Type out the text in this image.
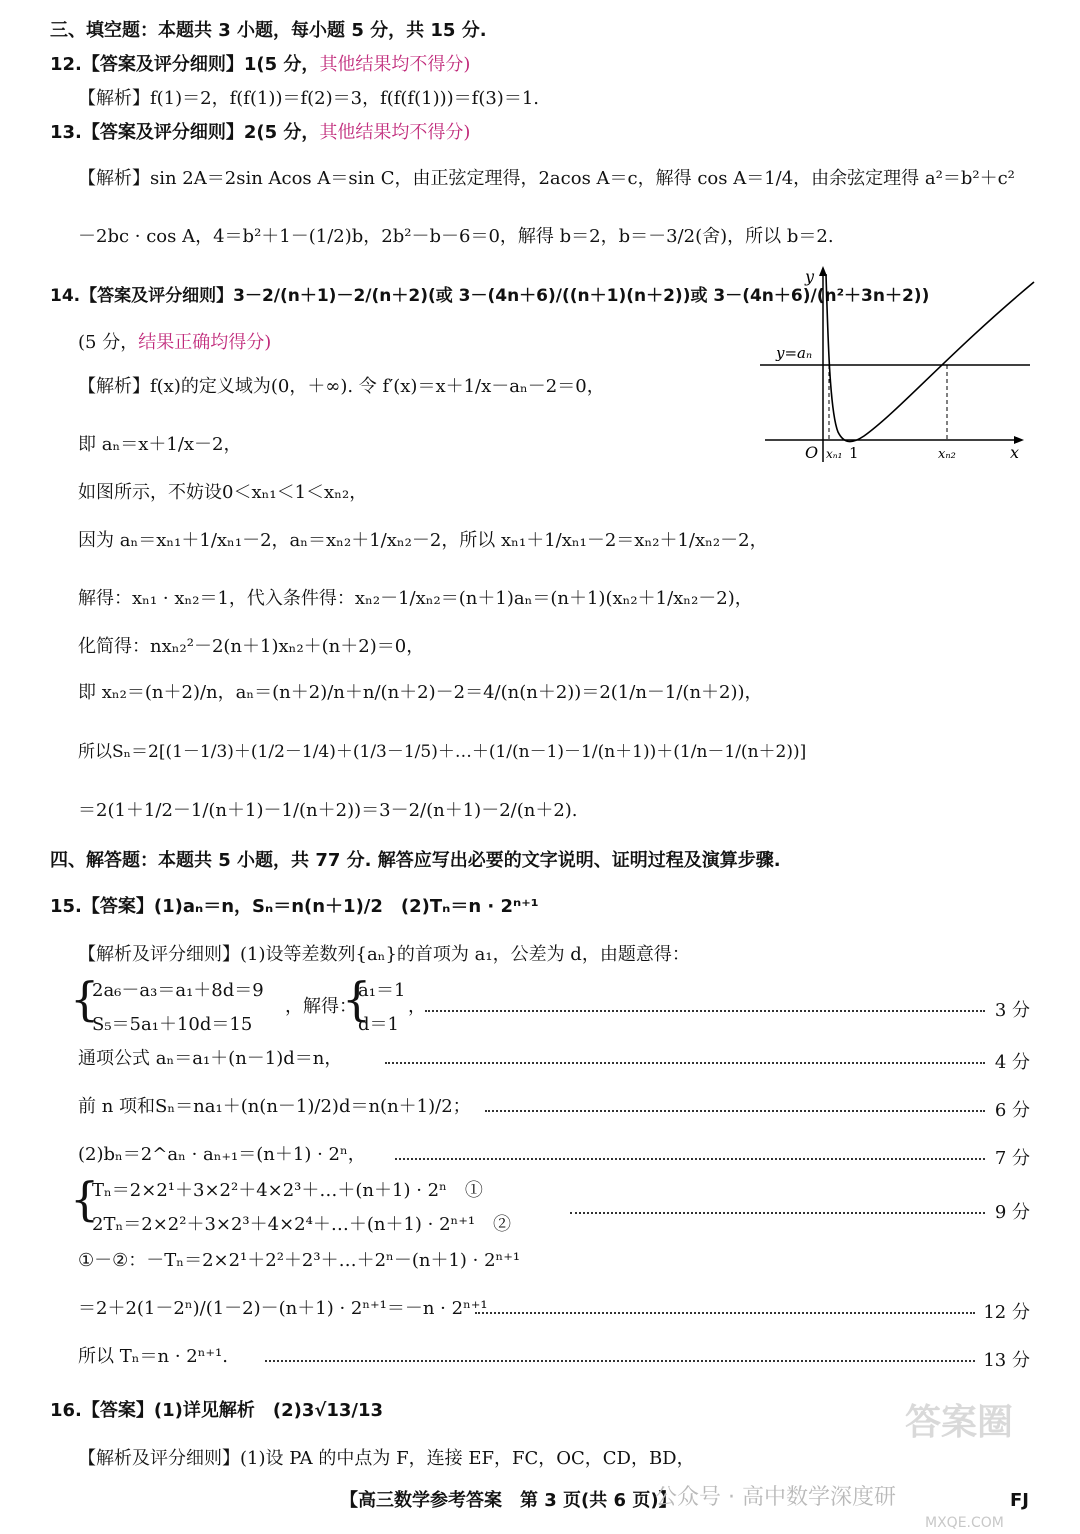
三、填空题：本题共 3 小题，每小题 5 分，共 15 分.
12.【答案及评分细则】1(5 分，其他结果均不得分)
【解析】f(1)＝2，f(f(1))＝f(2)＝3，f(f(f(1)))＝f(3)＝1.
13.【答案及评分细则】2(5 分，其他结果均不得分)
【解析】sin 2A＝2sin Acos A＝sin C，由正弦定理得，2acos A＝c，解得 cos A＝1/4，由余弦定理得 a²＝b²＋c²
－2bc · cos A，4＝b²＋1－(1/2)b，2b²－b－6＝0，解得 b＝2，b＝－3/2(舍)，所以 b＝2.
14.【答案及评分细则】3－2/(n＋1)－2/(n＋2)(或 3－(4n＋6)/((n＋1)(n＋2))或 3－(4n＋6)/(n²＋3n＋2))
(5 分，结果正确均得分)
【解析】f(x)的定义域为(0，＋∞). 令 f′(x)＝x＋1/x－aₙ－2＝0，
即 aₙ＝x＋1/x－2，
如图所示，不妨设0＜xₙ₁＜1＜xₙ₂，
因为 aₙ＝xₙ₁＋1/xₙ₁－2，aₙ＝xₙ₂＋1/xₙ₂－2，所以 xₙ₁＋1/xₙ₁－2＝xₙ₂＋1/xₙ₂－2，
解得：xₙ₁ · xₙ₂＝1，代入条件得：xₙ₂－1/xₙ₂＝(n＋1)aₙ＝(n＋1)(xₙ₂＋1/xₙ₂－2)，
化简得：nxₙ₂²－2(n＋1)xₙ₂＋(n＋2)＝0，
即 xₙ₂＝(n＋2)/n，aₙ＝(n＋2)/n＋n/(n＋2)－2＝4/(n(n＋2))＝2(1/n－1/(n＋2))，
所以Sₙ＝2[(1－1/3)＋(1/2－1/4)＋(1/3－1/5)＋…＋(1/(n－1)－1/(n＋1))＋(1/n－1/(n＋2))]
＝2(1＋1/2－1/(n＋1)－1/(n＋2))＝3－2/(n＋1)－2/(n＋2).
y
x
O
y=aₙ
xₙ₁ 1	xₙ₂
四、解答题：本题共 5 小题，共 77 分. 解答应写出必要的文字说明、证明过程及演算步骤.
15.【答案】(1)aₙ＝n，Sₙ＝n(n＋1)/2　(2)Tₙ＝n · 2ⁿ⁺¹
【解析及评分细则】(1)设等差数列{aₙ}的首项为 a₁，公差为 d，由题意得：
{
2a₆－a₃＝a₁＋8d＝9
S₅＝5a₁＋10d＝15
，解得：
{
a₁＝1
d＝1
，	3 分
通项公式 aₙ＝a₁＋(n－1)d＝n，	4 分
前 n 项和Sₙ＝na₁＋(n(n－1)/2)d＝n(n＋1)/2；	6 分
(2)bₙ＝2^aₙ · aₙ₊₁＝(n＋1) · 2ⁿ，	7 分
{
Tₙ＝2×2¹＋3×2²＋4×2³＋…＋(n＋1) · 2ⁿ　①
2Tₙ＝2×2²＋3×2³＋4×2⁴＋…＋(n＋1) · 2ⁿ⁺¹　②
9 分
①－②：－Tₙ＝2×2¹＋2²＋2³＋…＋2ⁿ－(n＋1) · 2ⁿ⁺¹
＝2＋2(1－2ⁿ)/(1－2)－(n＋1) · 2ⁿ⁺¹＝－n · 2ⁿ⁺¹	12 分
所以 Tₙ＝n · 2ⁿ⁺¹.	13 分
16.【答案】(1)详见解析　(2)3√13/13
【解析及评分细则】(1)设 PA 的中点为 F，连接 EF，FC，OC，CD，BD，
【高三数学参考答案　第 3 页(共 6 页)】
公众号 · 高中数学深度研	FJ
答案圈
MXQE.COM
